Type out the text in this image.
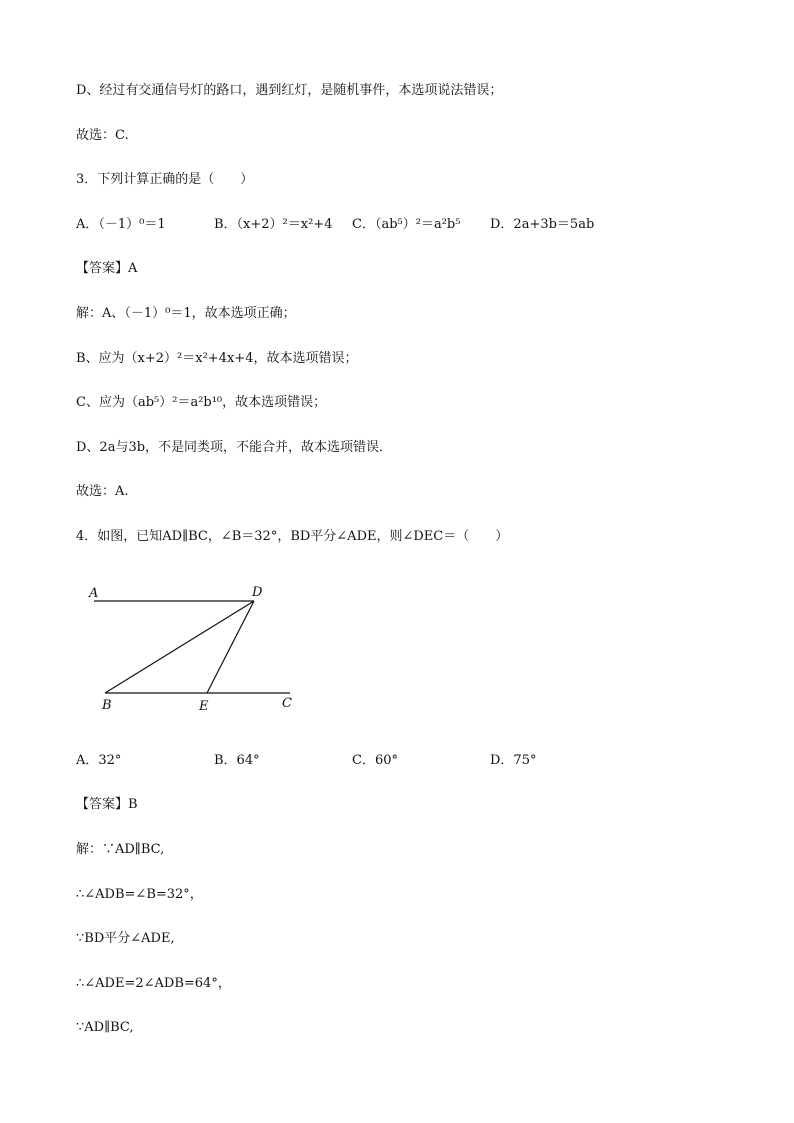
D、经过有交通信号灯的路口，遇到红灯，是随机事件，本选项说法错误；
故选：C.
3．下列计算正确的是（　　）
A．（－1）⁰＝1	B．（x+2）²＝x²+4 C．（ab⁵）²＝a²b⁵ D．2a+3b＝5ab
【答案】A
解：A、（－1）⁰＝1，故本选项正确；
B、应为（x+2）²＝x²+4x+4，故本选项错误；
C、应为（ab⁵）²＝a²b¹⁰，故本选项错误；
D、2a与3b，不是同类项，不能合并，故本选项错误．
故选：A.
4．如图，已知AD∥BC，∠B＝32°，BD平分∠ADE，则∠DEC＝（　　）
A	D
B	E	C
A．32°	B．64°	C．60°	D．75°
【答案】B
解：∵AD∥BC,
∴∠ADB=∠B=32°，
∵BD平分∠ADE,
∴∠ADE=2∠ADB=64°，
∵AD∥BC,
